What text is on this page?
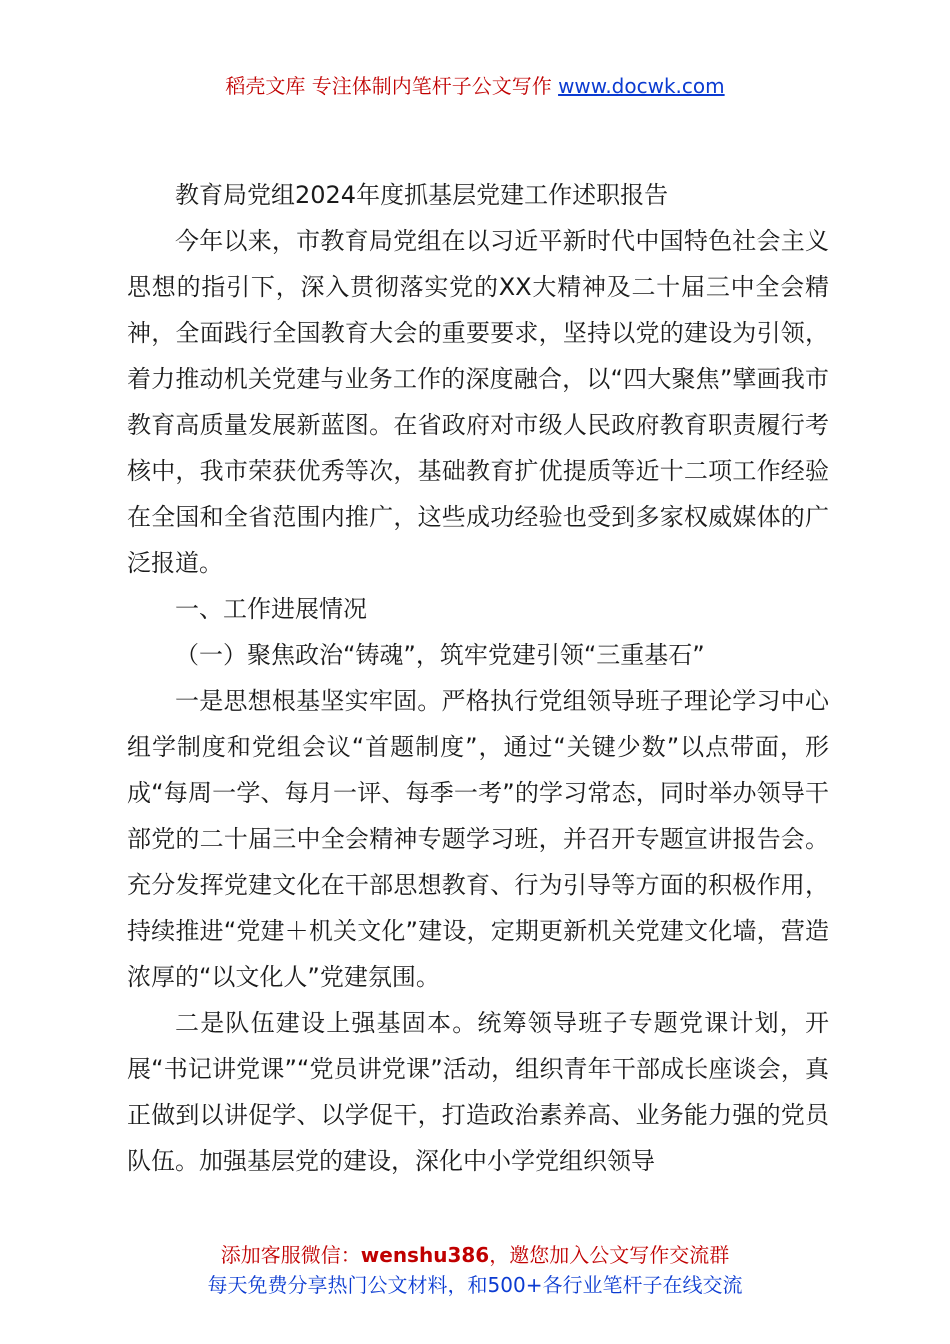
稻壳文库 专注体制内笔杆子公文写作 www.docwk.com

教育局党组2024年度抓基层党建工作述职报告

今年以来，市教育局党组在以习近平新时代中国特色社会主义思想的指引下，深入贯彻落实党的XX大精神及二十届三中全会精神，全面践行全国教育大会的重要要求，坚持以党的建设为引领，着力推动机关党建与业务工作的深度融合，以“四大聚焦”擘画我市教育高质量发展新蓝图。在省政府对市级人民政府教育职责履行考核中，我市荣获优秀等次，基础教育扩优提质等近十二项工作经验在全国和全省范围内推广，这些成功经验也受到多家权威媒体的广泛报道。

一、工作进展情况

（一）聚焦政治“铸魂”，筑牢党建引领“三重基石”

一是思想根基坚实牢固。严格执行党组领导班子理论学习中心组学制度和党组会议“首题制度”，通过“关键少数”以点带面，形成“每周一学、每月一评、每季一考”的学习常态，同时举办领导干部党的二十届三中全会精神专题学习班，并召开专题宣讲报告会。充分发挥党建文化在干部思想教育、行为引导等方面的积极作用，持续推进“党建＋机关文化”建设，定期更新机关党建文化墙，营造浓厚的“以文化人”党建氛围。

二是队伍建设上强基固本。统筹领导班子专题党课计划，开展“书记讲党课”“党员讲党课”活动，组织青年干部成长座谈会，真正做到以讲促学、以学促干，打造政治素养高、业务能力强的党员队伍。加强基层党的建设，深化中小学党组织领导

添加客服微信：wenshu386，邀您加入公文写作交流群
每天免费分享热门公文材料，和500+各行业笔杆子在线交流
